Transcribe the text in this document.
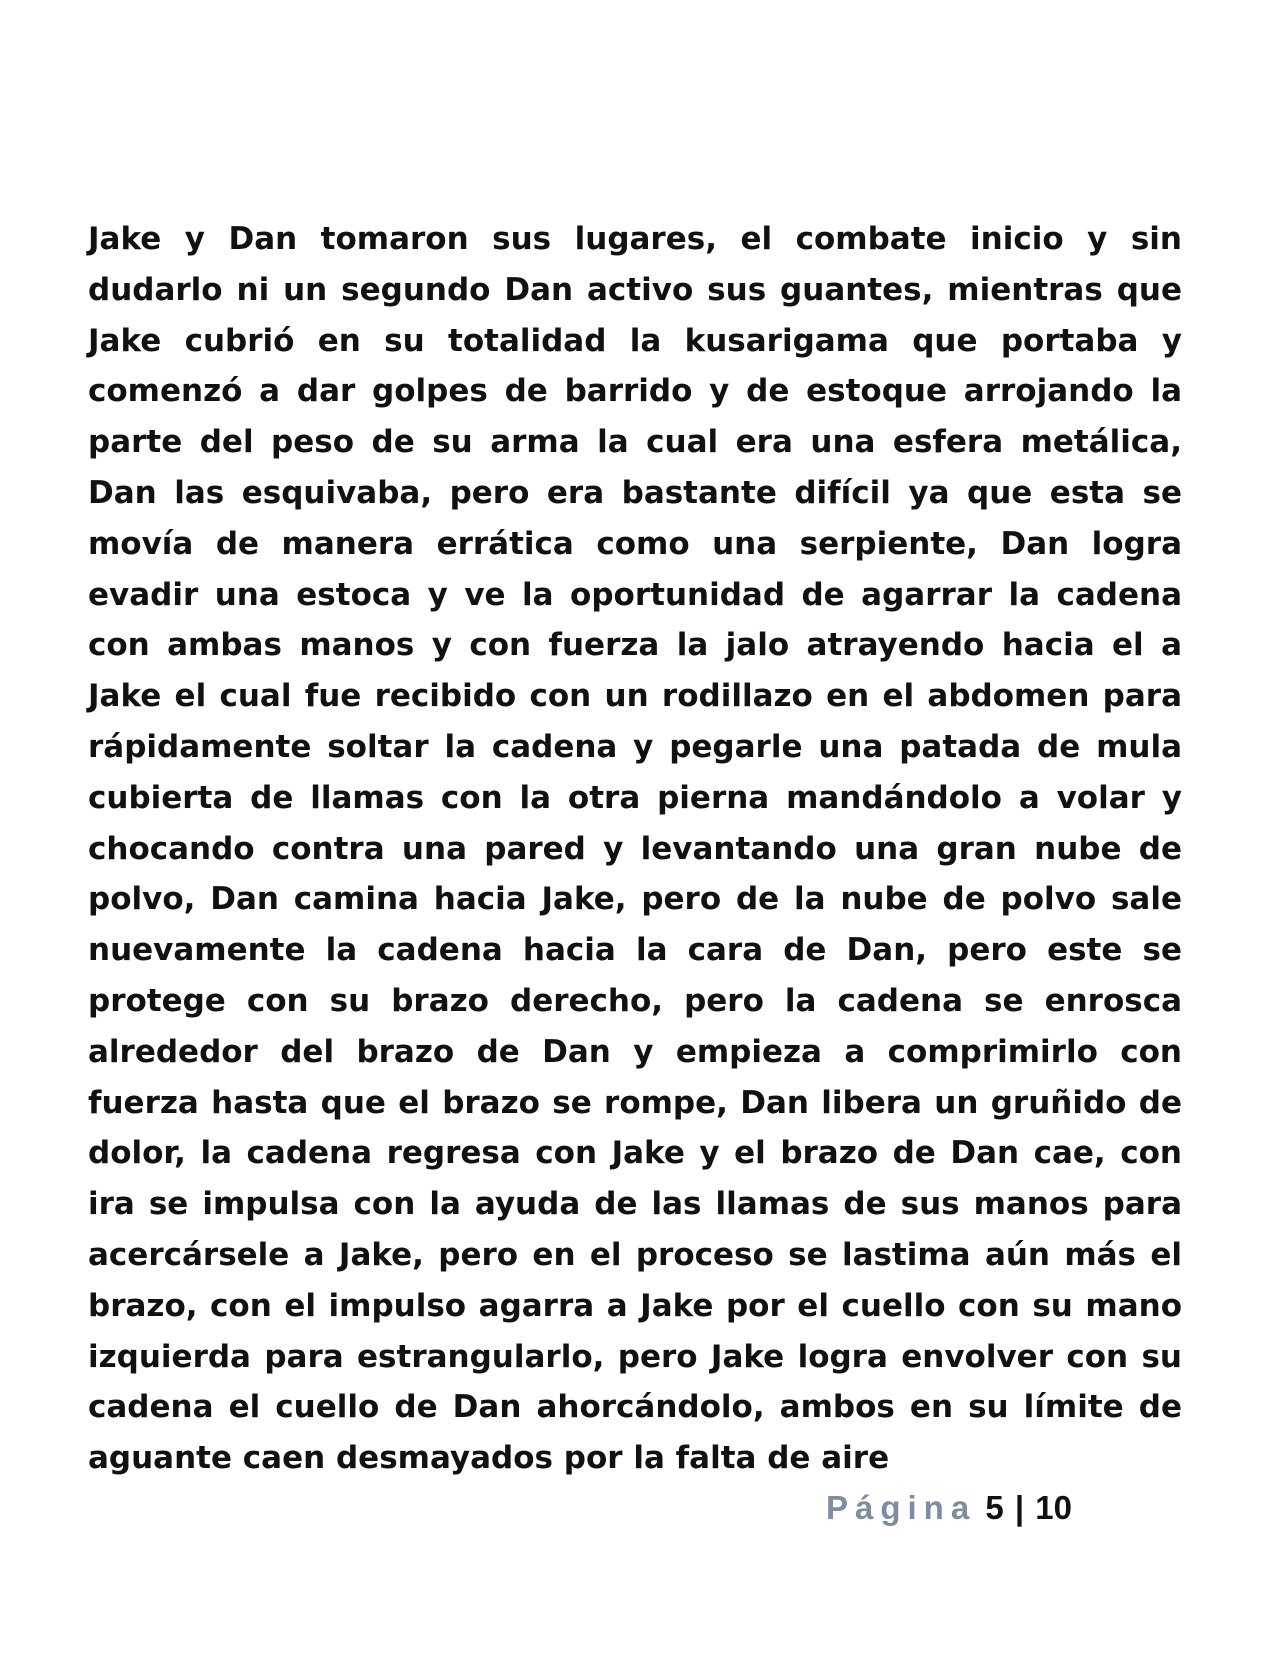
Jake y Dan tomaron sus lugares, el combate inicio y sin dudarlo ni un segundo Dan activo sus guantes, mientras que Jake cubrió en su totalidad la kusarigama que portaba y comenzó a dar golpes de barrido y de estoque arrojando la parte del peso de su arma la cual era una esfera metálica, Dan las esquivaba, pero era bastante difícil ya que esta se movía de manera errática como una serpiente, Dan logra evadir una estoca y ve la oportunidad de agarrar la cadena con ambas manos y con fuerza la jalo atrayendo hacia el a Jake el cual fue recibido con un rodillazo en el abdomen para rápidamente soltar la cadena y pegarle una patada de mula cubierta de llamas con la otra pierna mandándolo a volar y chocando contra una pared y levantando una gran nube de polvo, Dan camina hacia Jake, pero de la nube de polvo sale nuevamente la cadena hacia la cara de Dan, pero este se protege con su brazo derecho, pero la cadena se enrosca alrededor del brazo de Dan y empieza a comprimirlo con fuerza hasta que el brazo se rompe, Dan libera un gruñido de dolor, la cadena regresa con Jake y el brazo de Dan cae, con ira se impulsa con la ayuda de las llamas de sus manos para acercársele a Jake, pero en el proceso se lastima aún más el brazo, con el impulso agarra a Jake por el cuello con su mano izquierda para estrangularlo, pero Jake logra envolver con su cadena el cuello de Dan ahorcándolo, ambos en su límite de aguante caen desmayados por la falta de aire

Página 5 | 10
